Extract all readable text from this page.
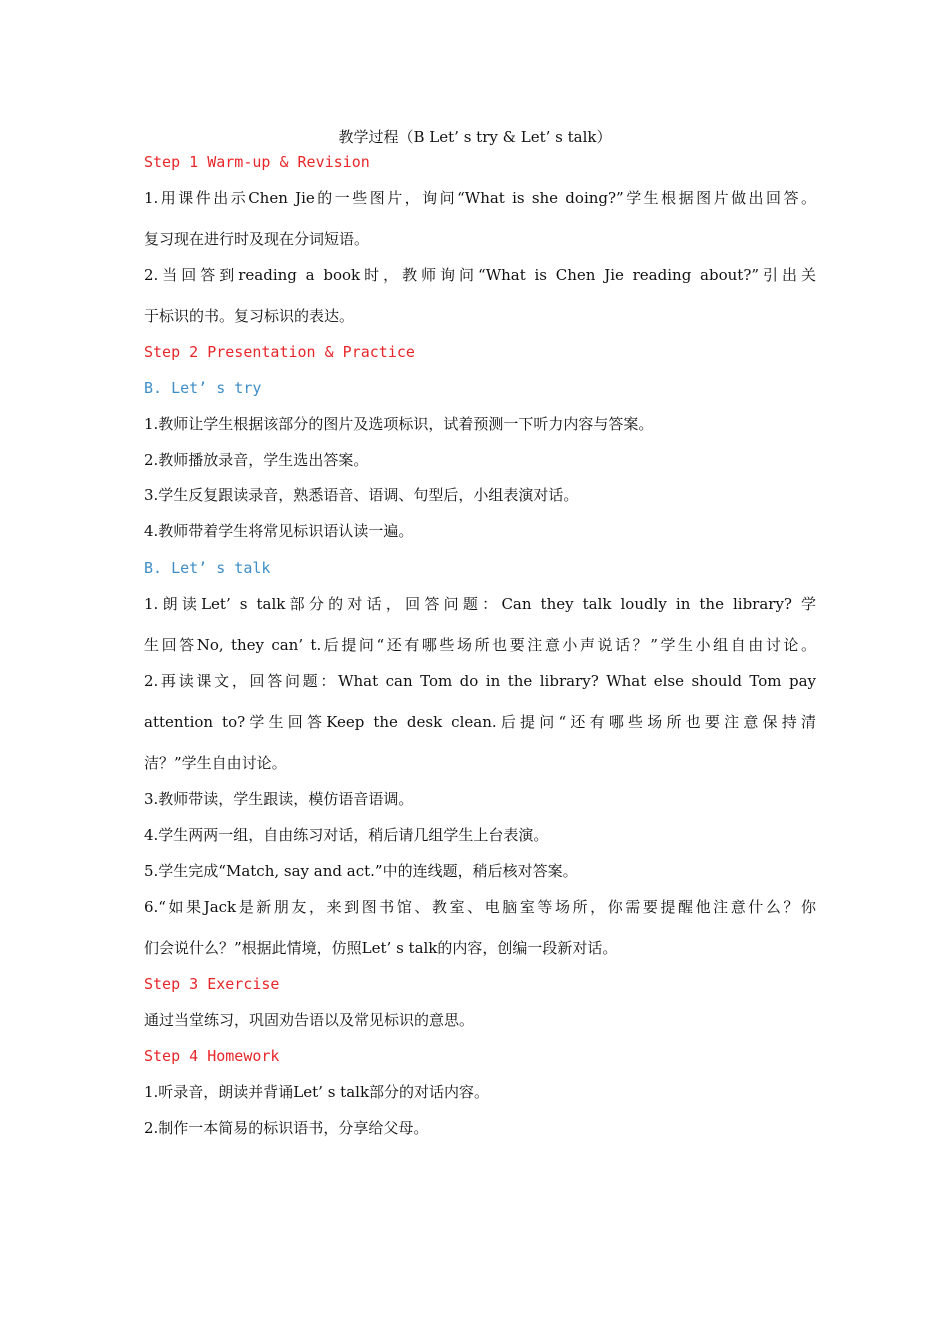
教学过程（B Let’ s try & Let’ s talk）
Step 1 Warm-up & Revision
1.用课件出示Chen Jie的一些图片，询问“What is she doing?”学生根据图片做出回答。
复习现在进行时及现在分词短语。
2.当回答到reading a book时，教师询问“What is Chen Jie reading about?”引出关
于标识的书。复习标识的表达。
Step 2 Presentation & Practice
B. Let’ s try
1.教师让学生根据该部分的图片及选项标识，试着预测一下听力内容与答案。
2.教师播放录音，学生选出答案。
3.学生反复跟读录音，熟悉语音、语调、句型后，小组表演对话。
4.教师带着学生将常见标识语认读一遍。
B. Let’ s talk
1.朗读Let’ s talk部分的对话，回答问题：Can they talk loudly in the library? 学
生回答No, they can’ t.后提问“还有哪些场所也要注意小声说话？”学生小组自由讨论。
2.再读课文，回答问题：What can Tom do in the library? What else should Tom pay
attention to?学生回答Keep the desk clean.后提问“还有哪些场所也要注意保持清
洁？”学生自由讨论。
3.教师带读，学生跟读，模仿语音语调。
4.学生两两一组，自由练习对话，稍后请几组学生上台表演。
5.学生完成“Match, say and act.”中的连线题，稍后核对答案。
6.“如果Jack是新朋友，来到图书馆、教室、电脑室等场所，你需要提醒他注意什么？你
们会说什么？”根据此情境，仿照Let’ s talk的内容，创编一段新对话。
Step 3 Exercise
通过当堂练习，巩固劝告语以及常见标识的意思。
Step 4 Homework
1.听录音，朗读并背诵Let’ s talk部分的对话内容。
2.制作一本简易的标识语书，分享给父母。
